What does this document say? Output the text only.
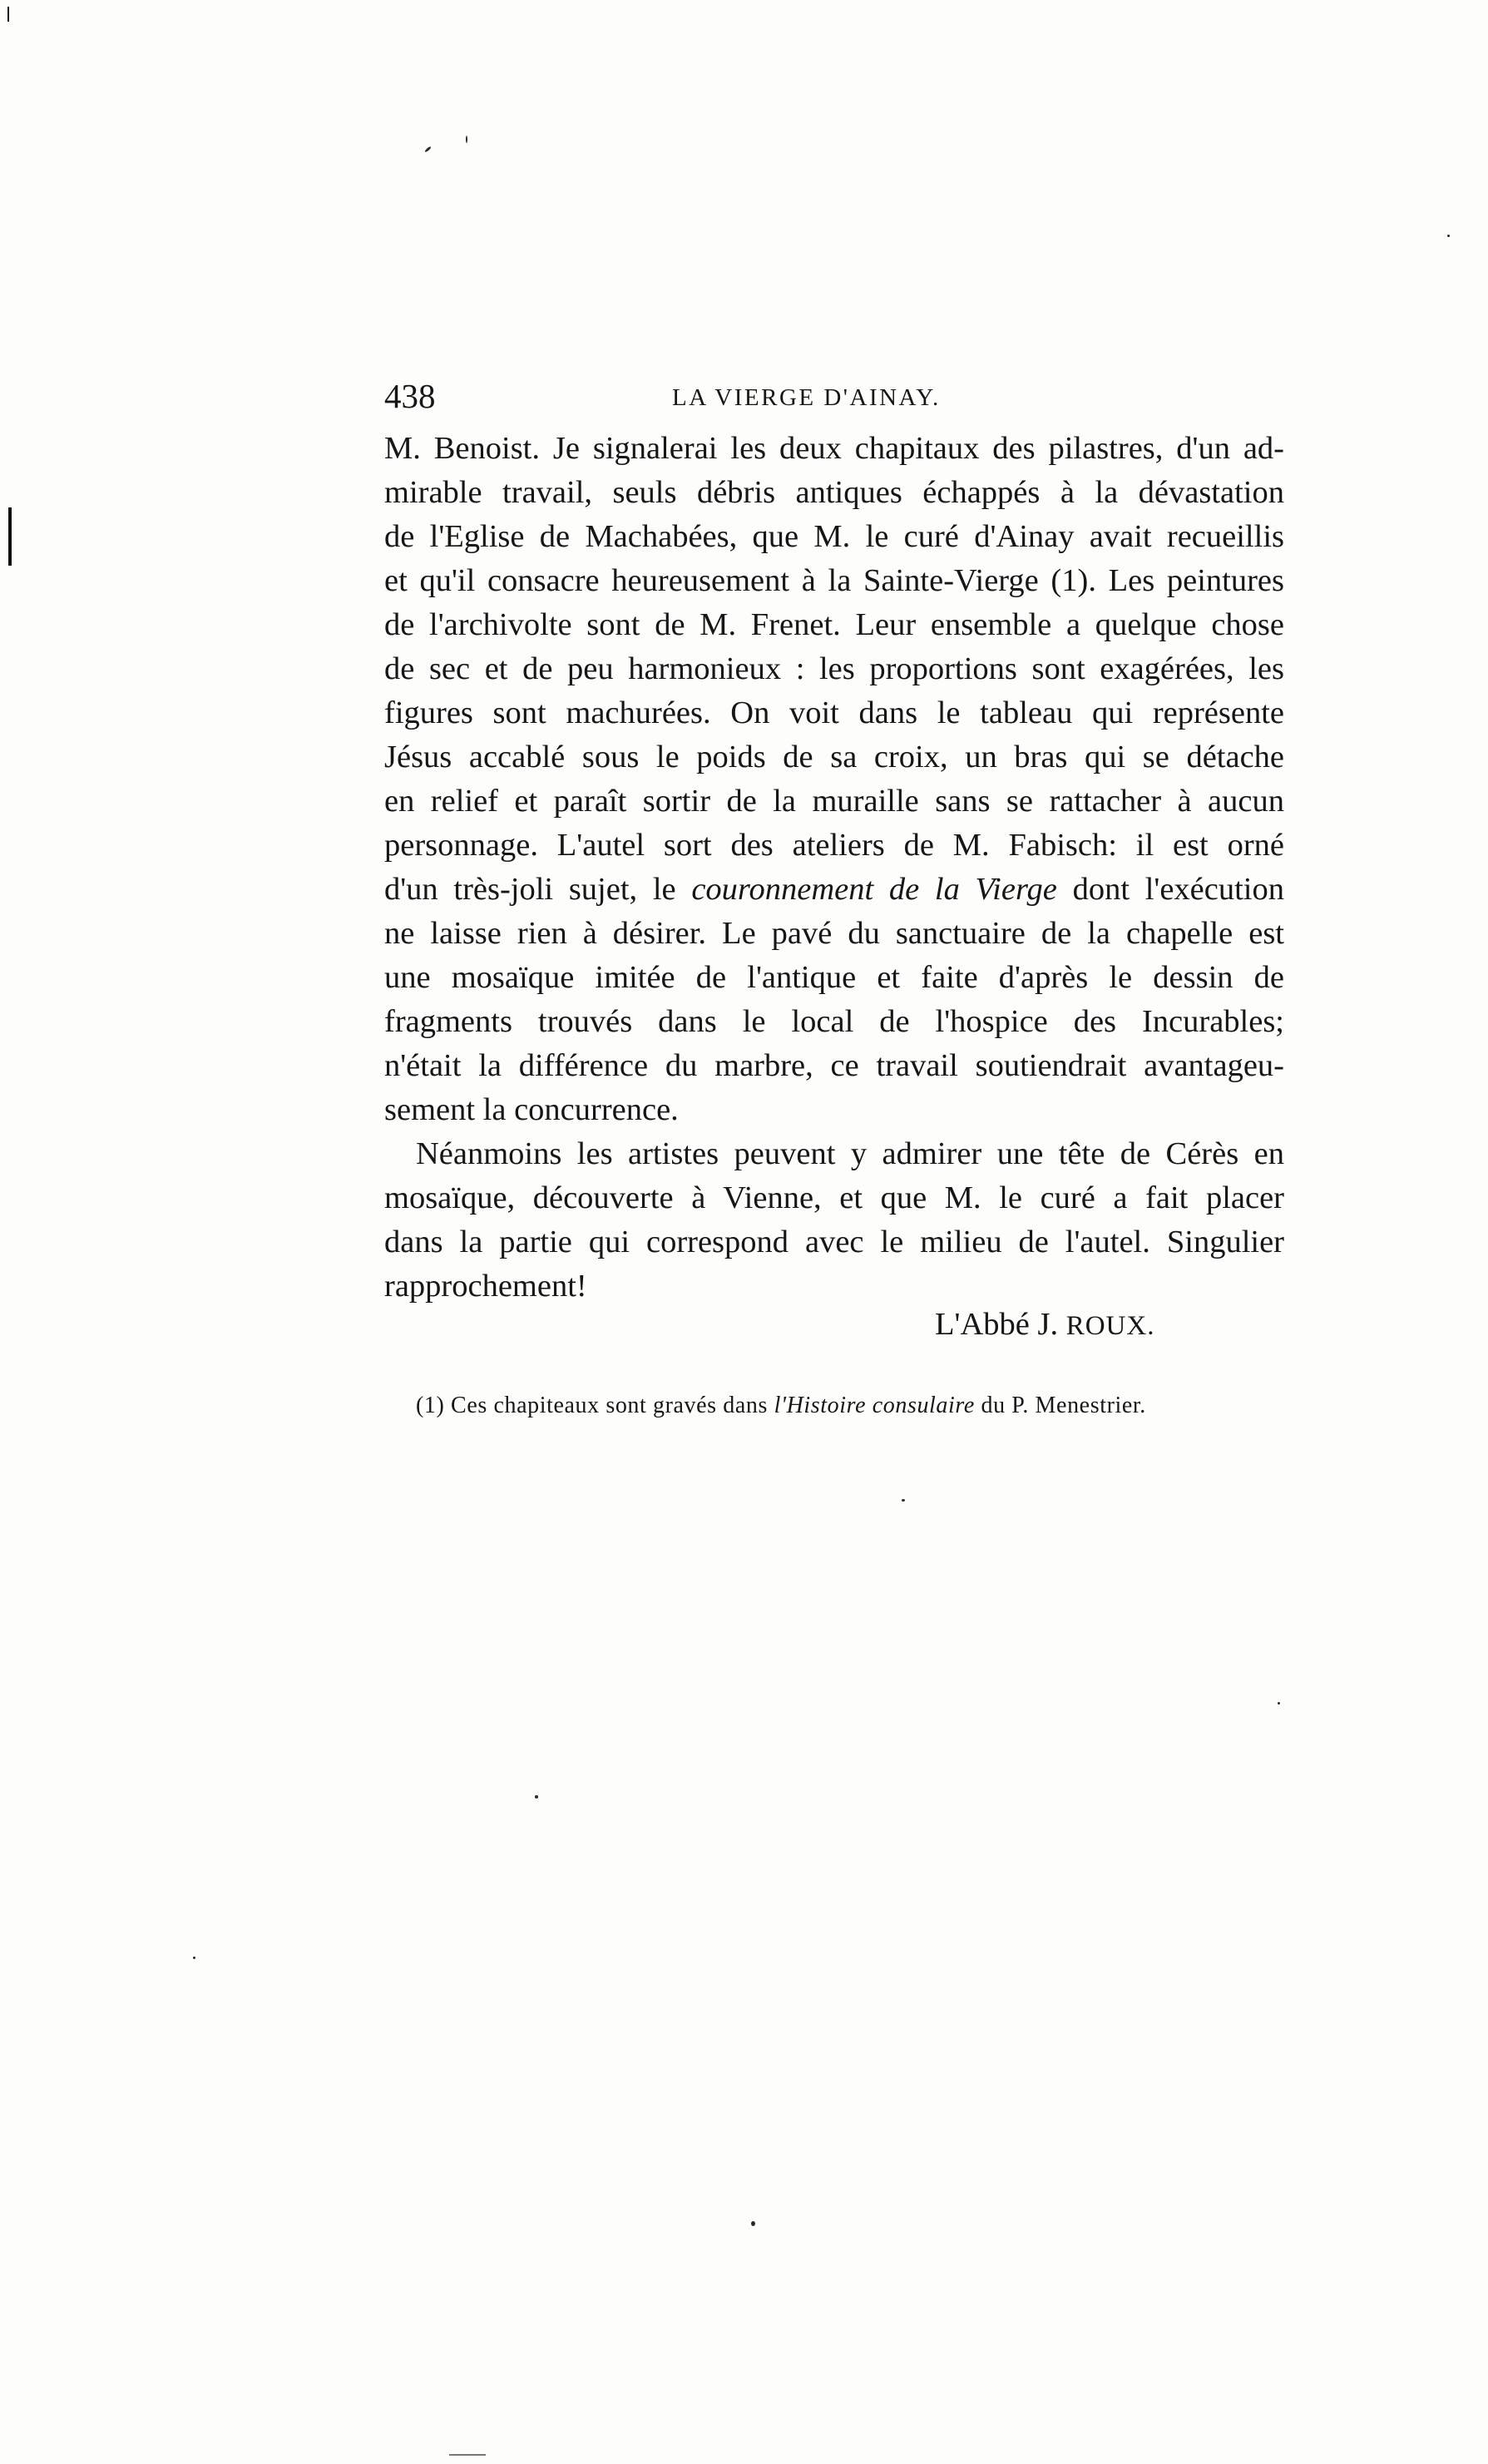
438	LA VIERGE D'AINAY.
M. Benoist. Je signalerai les deux chapitaux des pilastres, d'un ad-
mirable travail, seuls débris antiques échappés à la dévastation
de l'Eglise de Machabées, que M. le curé d'Ainay avait recueillis
et qu'il consacre heureusement à la Sainte-Vierge (1). Les peintures
de l'archivolte sont de M. Frenet. Leur ensemble a quelque chose
de sec et de peu harmonieux : les proportions sont exagérées, les
figures sont machurées. On voit dans le tableau qui représente
Jésus accablé sous le poids de sa croix, un bras qui se détache
en relief et paraît sortir de la muraille sans se rattacher à aucun
personnage. L'autel sort des ateliers de M. Fabisch: il est orné
d'un très-joli sujet, le couronnement de la Vierge dont l'exécution
ne laisse rien à désirer. Le pavé du sanctuaire de la chapelle est
une mosaïque imitée de l'antique et faite d'après le dessin de
fragments trouvés dans le local de l'hospice des Incurables;
n'était la différence du marbre, ce travail soutiendrait avantageu-
sement la concurrence.
Néanmoins les artistes peuvent y admirer une tête de Cérès en
mosaïque, découverte à Vienne, et que M. le curé a fait placer
dans la partie qui correspond avec le milieu de l'autel. Singulier
rapprochement!
L'Abbé J. ROUX.
(1) Ces chapiteaux sont gravés dans l'Histoire consulaire du P. Menestrier.
